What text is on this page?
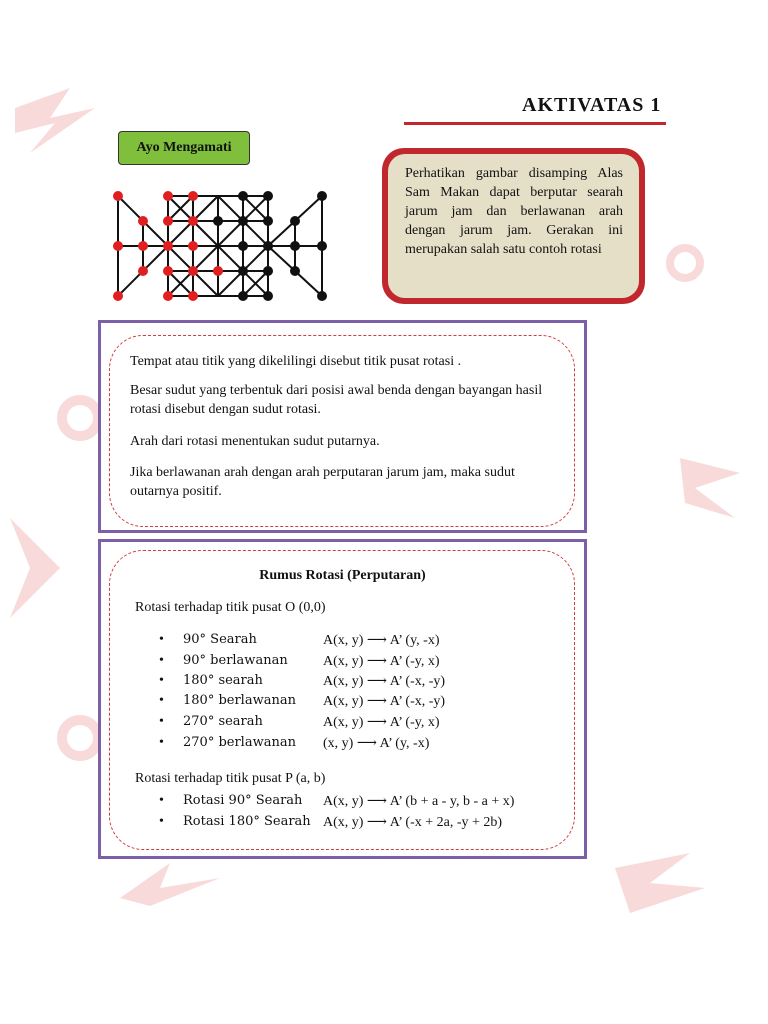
AKTIVATAS 1
Ayo Mengamati
Perhatikan gambar disamping Alas Sam Makan dapat berputar searah jarum jam dan berlawanan arah dengan jarum jam. Gerakan ini merupakan salah satu contoh rotasi

Tempat atau titik yang dikelilingi disebut titik pusat rotasi .

Besar sudut yang terbentuk dari posisi awal benda dengan bayangan hasil rotasi disebut dengan sudut rotasi.

Arah dari rotasi menentukan sudut putarnya.

Jika berlawanan arah dengan arah perputaran jarum jam, maka sudut outarnya positif.

Rumus Rotasi (Perputaran)
Rotasi terhadap titik pusat O (0,0)
• 90° Searah	A(x, y) ⟶ A’ (y, -x)
• 90° berlawanan	A(x, y) ⟶ A’ (-y, x)
• 180° searah	A(x, y) ⟶ A’ (-x, -y)
• 180° berlawanan A(x, y) ⟶ A’ (-x, -y)
• 270° searah	A(x, y) ⟶ A’ (-y, x)
• 270° berlawanan (x, y) ⟶ A’ (y, -x)
Rotasi terhadap titik pusat P (a, b)
• Rotasi 90° Searah A(x, y) ⟶ A’ (b + a - y, b - a + x)
• Rotasi 180° Searah A(x, y) ⟶ A’ (-x + 2a, -y + 2b)
